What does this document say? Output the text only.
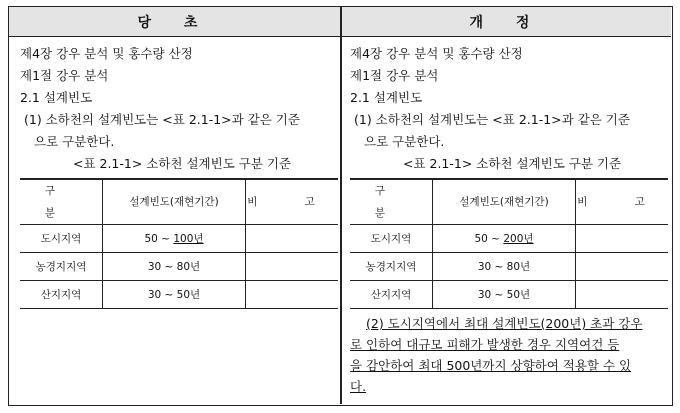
당 초	개 정
제4장 강우 분석 및 홍수량 산정
제1절 강우 분석
2.1 설계빈도
(1) 소하천의 설계빈도는 <표 2.1-1>과 같은 기준
으로 구분한다.
<표 2.1-1> 소하천 설계빈도 구분 기준
구 분	설계빈도(재현기간)	비 고
도시지역	50 ~ 100년	
농경지지역	30 ~ 80년	
산지지역	30 ~ 50년	
제4장 강우 분석 및 홍수량 산정
제1절 강우 분석
2.1 설계빈도
(1) 소하천의 설계빈도는 <표 2.1-1>과 같은 기준
으로 구분한다.
<표 2.1-1> 소하천 설계빈도 구분 기준
구 분	설계빈도(재현기간)	비 고
도시지역	50 ~ 200년	
농경지지역	30 ~ 80년	
산지지역	30 ~ 50년	
(2) 도시지역에서 최대 설계빈도(200년) 초과 강우
로 인하여 대규모 피해가 발생한 경우 지역여건 등
을 감안하여 최대 500년까지 상향하여 적용할 수 있
다.
